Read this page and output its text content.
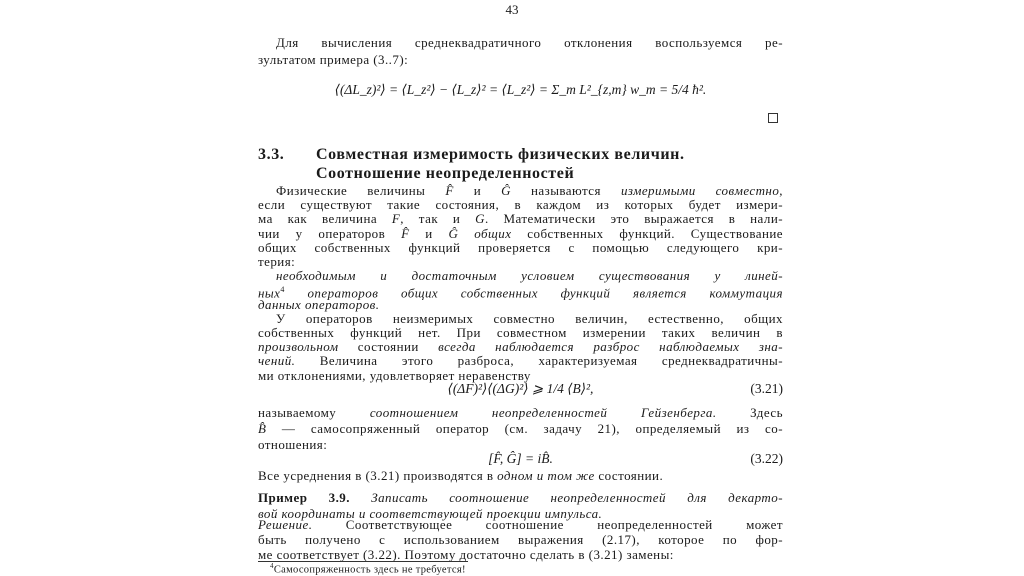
43
Для вычисления среднеквадратичного отклонения воспользуемся ре-
зультатом примера (3..7):
⟨(ΔL_z)²⟩ = ⟨L_z²⟩ − ⟨L_z⟩² = ⟨L_z²⟩ = Σ_m L²_{z,m} w_m = 5/4 ħ².
3.3. Совместная измеримость физических величин.

Соотношение неопределенностей
Физические величины F̂ и Ĝ называются измеримыми совместно,
если существуют такие состояния, в каждом из которых будет измери-
ма как величина F, так и G. Математически это выражается в нали-
чии у операторов F̂ и Ĝ общих собственных функций. Существование
общих собственных функций проверяется с помощью следующего кри-
терия:
необходимым и достаточным условием существования у линей-
ных$^4$ операторов общих собственных функций является коммутация
данных операторов.
У операторов неизмеримых совместно величин, естественно, общих
собственных функций нет. При совместном измерении таких величин в
произвольном состоянии всегда наблюдается разброс наблюдаемых зна-
чений. Величина этого разброса, характеризуемая среднеквадратичны-
ми отклонениями, удовлетворяет неравенству
⟨(ΔF)²⟩⟨(ΔG)²⟩ ⩾ 1/4 ⟨B⟩²,	(3.21)
называемому соотношением неопределенностей Гейзенберга. Здесь
B̂ — самосопряженный оператор (см. задачу 21), определяемый из со-
отношения:
[F̂, Ĝ] = iB̂.	(3.22)
Все усреднения в (3.21) производятся в одном и том же состоянии.
Пример 3.9. Записать соотношение неопределенностей для декарто-
вой координаты и соответствующей проекции импульса.
Решение. Соответствующее соотношение неопределенностей может
быть получено с использованием выражения (2.17), которое по фор-
ме соответствует (3.22). Поэтому достаточно сделать в (3.21) замены:
$^4$Самосопряженность здесь не требуется!
